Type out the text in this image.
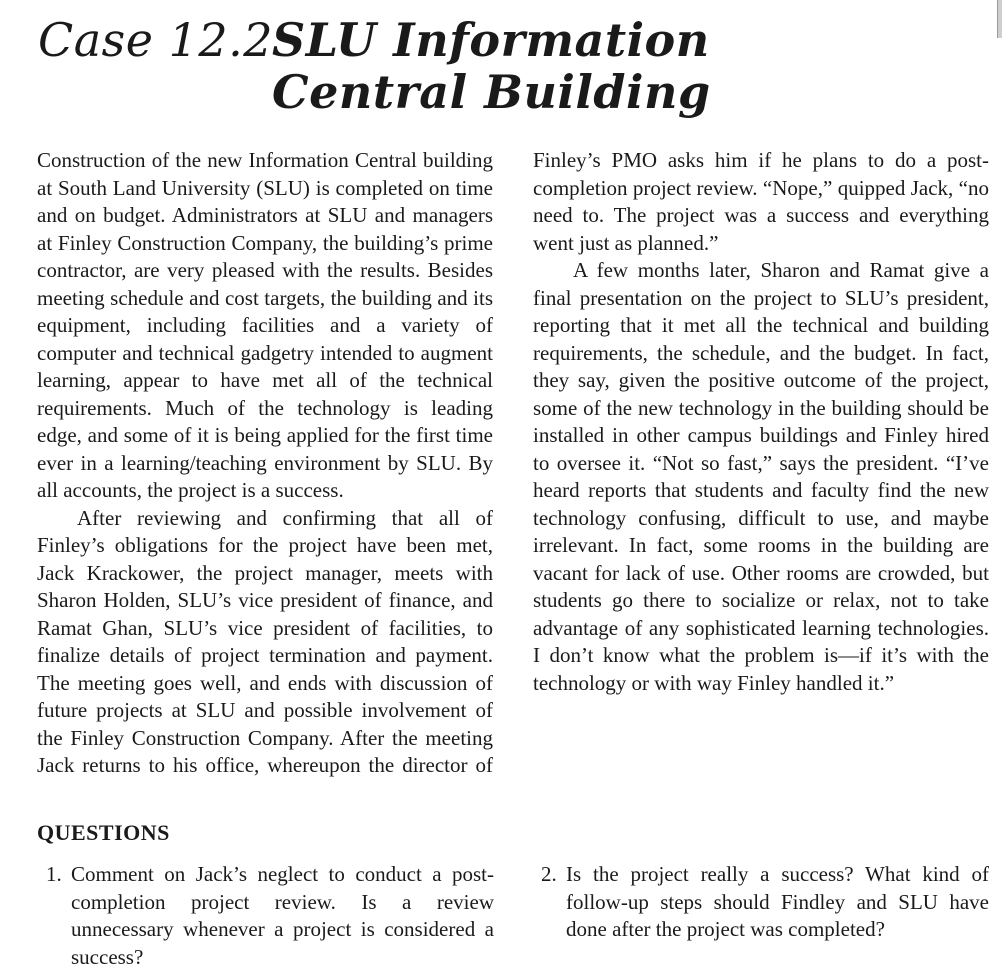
Case 12.2 SLU Information Central Building

Construction of the new Information Central building at South Land University (SLU) is completed on time and on budget. Administrators at SLU and managers at Finley Construction Company, the building’s prime contractor, are very pleased with the results. Besides meeting schedule and cost targets, the building and its equipment, including facilities and a variety of computer and technical gadgetry intended to augment learning, appear to have met all of the technical requirements. Much of the technology is leading edge, and some of it is being applied for the first time ever in a learning/teaching environment by SLU. By all accounts, the project is a success.

After reviewing and confirming that all of Finley’s obligations for the project have been met, Jack Krackower, the project manager, meets with Sharon Holden, SLU’s vice president of finance, and Ramat Ghan, SLU’s vice president of facilities, to finalize details of project termination and payment. The meeting goes well, and ends with discussion of future projects at SLU and possible involvement of the Finley Construction Company. After the meeting Jack returns to his office, whereupon the director of

Finley’s PMO asks him if he plans to do a post-completion project review. “Nope,” quipped Jack, “no need to. The project was a success and everything went just as planned.”

A few months later, Sharon and Ramat give a final presentation on the project to SLU’s president, reporting that it met all the technical and building requirements, the schedule, and the budget. In fact, they say, given the positive outcome of the project, some of the new technology in the building should be installed in other campus buildings and Finley hired to oversee it. “Not so fast,” says the president. “I’ve heard reports that students and faculty find the new technology confusing, difficult to use, and maybe irrelevant. In fact, some rooms in the building are vacant for lack of use. Other rooms are crowded, but students go there to socialize or relax, not to take advantage of any sophisticated learning technologies. I don’t know what the problem is—if it’s with the technology or with way Finley handled it.”

QUESTIONS
1. Comment on Jack’s neglect to conduct a post-completion project review. Is a review unnecessary whenever a project is considered a success?
2. Is the project really a success? What kind of follow-up steps should Findley and SLU have done after the project was completed?
